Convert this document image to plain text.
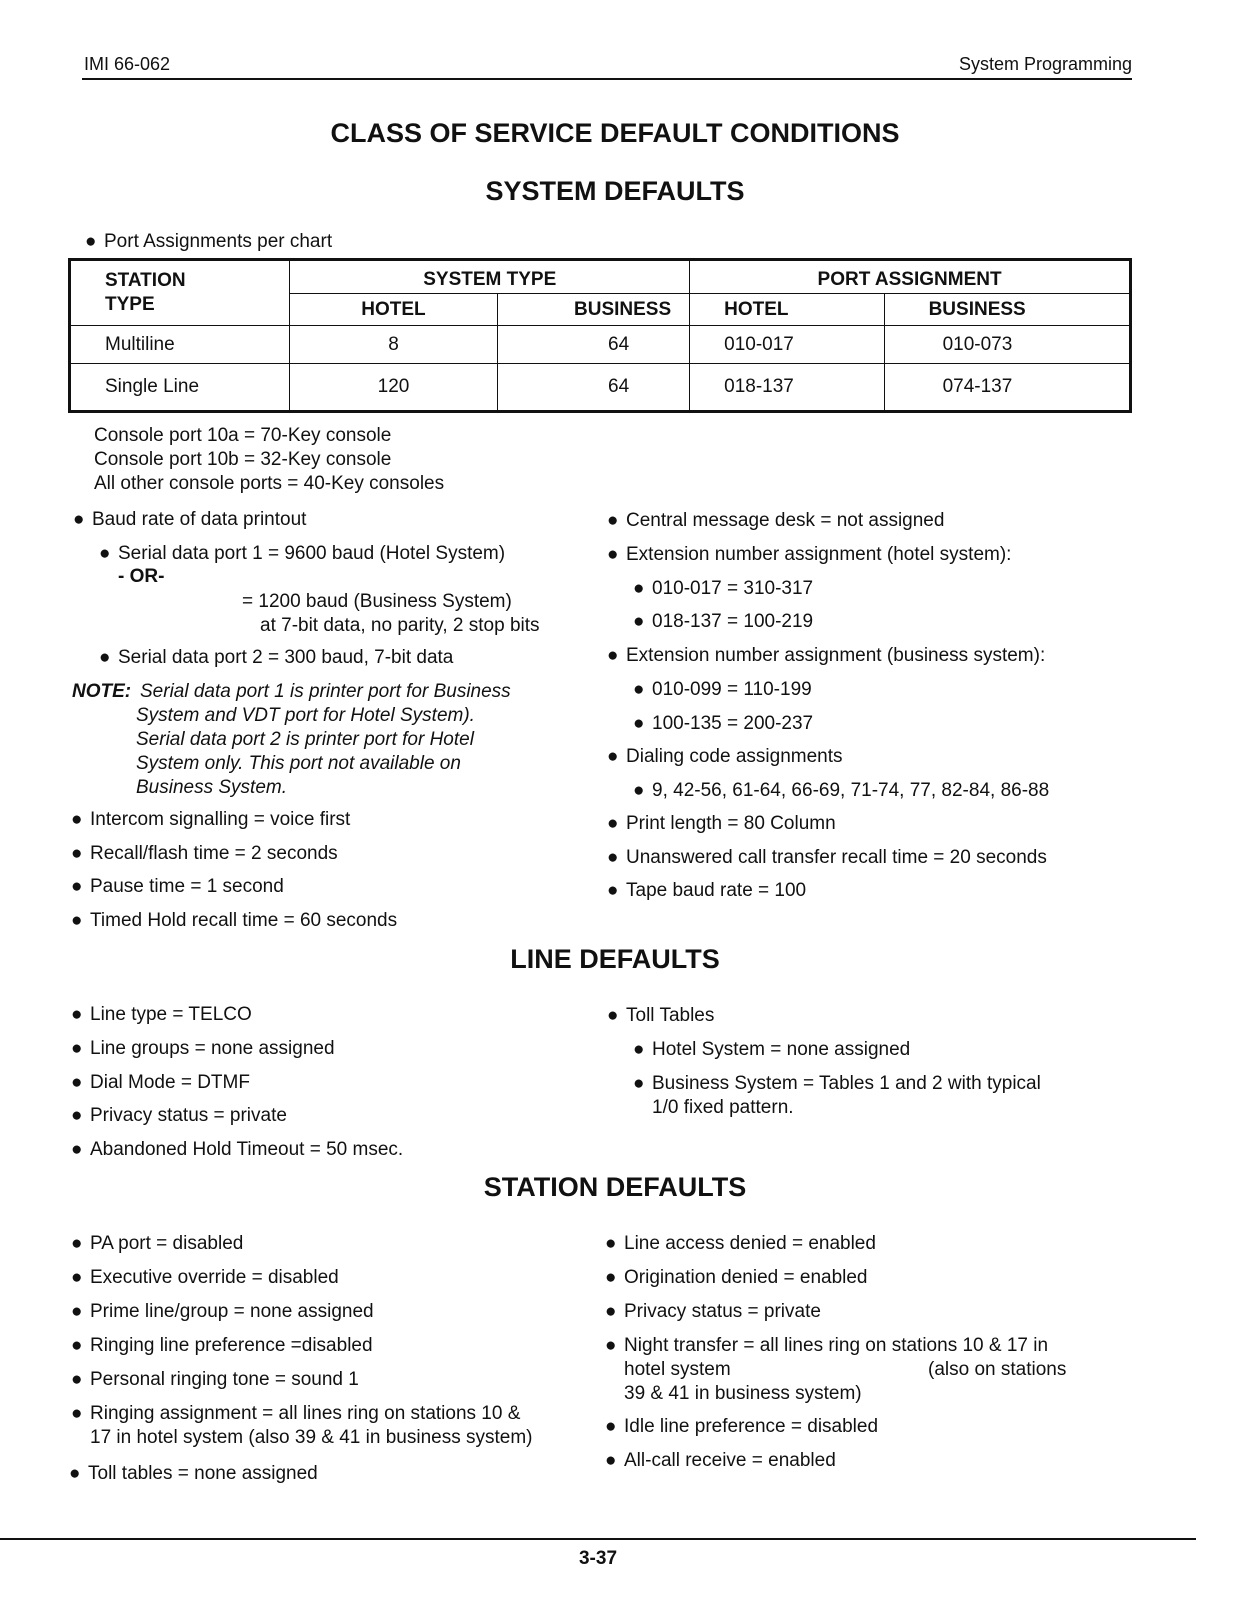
IMI 66-062	System Programming
CLASS OF SERVICE DEFAULT CONDITIONS
SYSTEM DEFAULTS
● Port Assignments per chart
STATION
TYPE	SYSTEM TYPE		PORT ASSIGNMENT	
	HOTEL	BUSINESS	HOTEL	BUSINESS
Multiline	8	64	010-017	010-073
Single Line	120	64	018-137	074-137
Console port 10a = 70-Key console
Console port 10b = 32-Key console
All other console ports = 40-Key consoles
● Baud rate of data printout
● Serial data port 1 = 9600 baud (Hotel System)
- OR-
= 1200 baud (Business System)
at 7-bit data, no parity, 2 stop bits
● Serial data port 2 = 300 baud, 7-bit data
NOTE: Serial data port 1 is printer port for Business
System and VDT port for Hotel System).
Serial data port 2 is printer port for Hotel
System only. This port not available on
Business System.
● Intercom signalling = voice first
● Recall/flash time = 2 seconds
● Pause time = 1 second
● Timed Hold recall time = 60 seconds
● Central message desk = not assigned
● Extension number assignment (hotel system):
● 010-017 = 310-317
● 018-137 = 100-219
● Extension number assignment (business system):
● 010-099 = 110-199
● 100-135 = 200-237
● Dialing code assignments
● 9, 42-56, 61-64, 66-69, 71-74, 77, 82-84, 86-88
● Print length = 80 Column
● Unanswered call transfer recall time = 20 seconds
● Tape baud rate = 100
LINE DEFAULTS
● Line type = TELCO
● Line groups = none assigned
● Dial Mode = DTMF
● Privacy status = private
● Abandoned Hold Timeout = 50 msec.
● Toll Tables
● Hotel System = none assigned
● Business System = Tables 1 and 2 with typical
1/0 fixed pattern.
STATION DEFAULTS
● PA port = disabled
● Executive override = disabled
● Prime line/group = none assigned
● Ringing line preference =disabled
● Personal ringing tone = sound 1
● Ringing assignment = all lines ring on stations 10 &
17 in hotel system (also 39 & 41 in business system)
● Toll tables = none assigned
● Line access denied = enabled
● Origination denied = enabled
● Privacy status = private
● Night transfer = all lines ring on stations 10 & 17 in
hotel system	(also on stations
39 & 41 in business system)
● Idle line preference = disabled
● All-call receive = enabled
3-37
